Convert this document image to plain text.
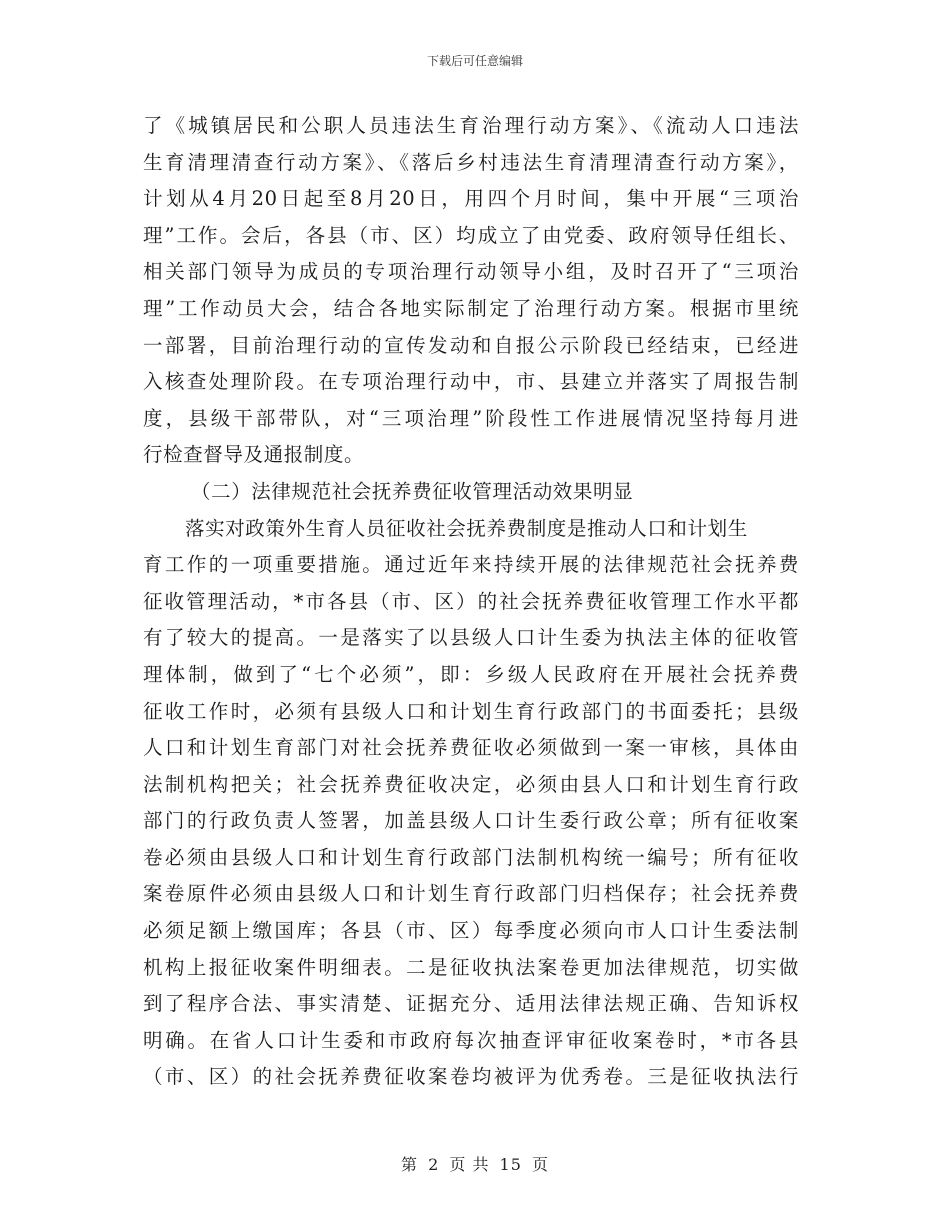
下载后可任意编辑
了《城镇居民和公职人员违法生育治理行动方案》、《流动人口违法
生育清理清查行动方案》、《落后乡村违法生育清理清查行动方案》，
计划从4月20日起至8月20日，用四个月时间，集中开展“三项治
理”工作。会后，各县（市、区）均成立了由党委、政府领导任组长、
相关部门领导为成员的专项治理行动领导小组，及时召开了“三项治
理”工作动员大会，结合各地实际制定了治理行动方案。根据市里统
一部署，目前治理行动的宣传发动和自报公示阶段已经结束，已经进
入核查处理阶段。在专项治理行动中，市、县建立并落实了周报告制
度，县级干部带队，对“三项治理”阶段性工作进展情况坚持每月进
行检查督导及通报制度。
（二）法律规范社会抚养费征收管理活动效果明显
落实对政策外生育人员征收社会抚养费制度是推动人口和计划生
育工作的一项重要措施。通过近年来持续开展的法律规范社会抚养费
征收管理活动，*市各县（市、区）的社会抚养费征收管理工作水平都
有了较大的提高。一是落实了以县级人口计生委为执法主体的征收管
理体制，做到了“七个必须”，即：乡级人民政府在开展社会抚养费
征收工作时，必须有县级人口和计划生育行政部门的书面委托；县级
人口和计划生育部门对社会抚养费征收必须做到一案一审核，具体由
法制机构把关；社会抚养费征收决定，必须由县人口和计划生育行政
部门的行政负责人签署，加盖县级人口计生委行政公章；所有征收案
卷必须由县级人口和计划生育行政部门法制机构统一编号；所有征收
案卷原件必须由县级人口和计划生育行政部门归档保存；社会抚养费
必须足额上缴国库；各县（市、区）每季度必须向市人口计生委法制
机构上报征收案件明细表。二是征收执法案卷更加法律规范，切实做
到了程序合法、事实清楚、证据充分、适用法律法规正确、告知诉权
明确。在省人口计生委和市政府每次抽查评审征收案卷时，*市各县
（市、区）的社会抚养费征收案卷均被评为优秀卷。三是征收执法行
第 2 页 共 15 页
